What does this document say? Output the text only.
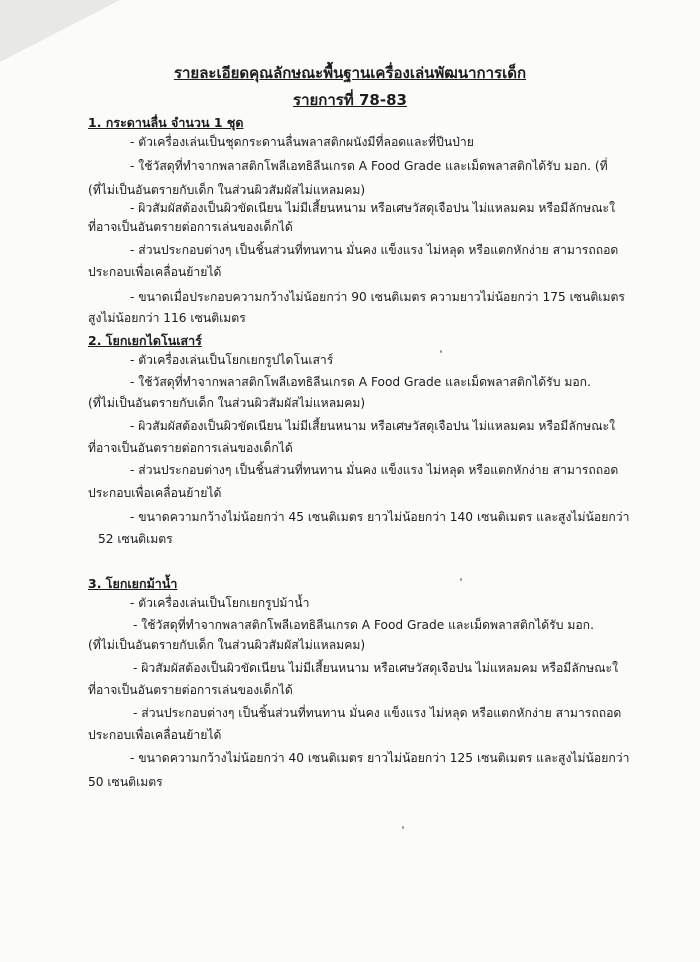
รายละเอียดคุณลักษณะพื้นฐานเครื่องเล่นพัฒนาการเด็ก
รายการที่ 78-83
1. กระดานลื่น จำนวน 1 ชุด
- ตัวเครื่องเล่นเป็นชุดกระดานลื่นพลาสติกผนังมีที่ลอดและที่ปีนป่าย
- ใช้วัสดุที่ทำจากพลาสติกโพลีเอทธิลีนเกรด A Food Grade และเม็ดพลาสติกได้รับ มอก. (ที่
(ที่ไม่เป็นอันตรายกับเด็ก ในส่วนผิวสัมผัสไม่แหลมคม)
- ผิวสัมผัสต้องเป็นผิวขัดเนียน ไม่มีเสี้ยนหนาม หรือเศษวัสดุเจือปน ไม่แหลมคม หรือมีลักษณะใ
ที่อาจเป็นอันตรายต่อการเล่นของเด็กได้
- ส่วนประกอบต่างๆ เป็นชิ้นส่วนที่ทนทาน มั่นคง แข็งแรง ไม่หลุด หรือแตกหักง่าย สามารถถอด
ประกอบเพื่อเคลื่อนย้ายได้
- ขนาดเมื่อประกอบความกว้างไม่น้อยกว่า 90 เซนติเมตร ความยาวไม่น้อยกว่า 175 เซนติเมตร
สูงไม่น้อยกว่า 116 เซนติเมตร
2. โยกเยกไดโนเสาร์
- ตัวเครื่องเล่นเป็นโยกเยกรูปไดโนเสาร์
- ใช้วัสดุที่ทำจากพลาสติกโพลีเอทธิลีนเกรด A Food Grade และเม็ดพลาสติกได้รับ มอก.
(ที่ไม่เป็นอันตรายกับเด็ก ในส่วนผิวสัมผัสไม่แหลมคม)
- ผิวสัมผัสต้องเป็นผิวขัดเนียน ไม่มีเสี้ยนหนาม หรือเศษวัสดุเจือปน ไม่แหลมคม หรือมีลักษณะใ
ที่อาจเป็นอันตรายต่อการเล่นของเด็กได้
- ส่วนประกอบต่างๆ เป็นชิ้นส่วนที่ทนทาน มั่นคง แข็งแรง ไม่หลุด หรือแตกหักง่าย สามารถถอด
ประกอบเพื่อเคลื่อนย้ายได้
- ขนาดความกว้างไม่น้อยกว่า 45 เซนติเมตร ยาวไม่น้อยกว่า 140 เซนติเมตร และสูงไม่น้อยกว่า
52 เซนติเมตร
3. โยกเยกม้าน้ำ
- ตัวเครื่องเล่นเป็นโยกเยกรูปม้าน้ำ
- ใช้วัสดุที่ทำจากพลาสติกโพลีเอทธิลีนเกรด A Food Grade และเม็ดพลาสติกได้รับ มอก.
(ที่ไม่เป็นอันตรายกับเด็ก ในส่วนผิวสัมผัสไม่แหลมคม)
- ผิวสัมผัสต้องเป็นผิวขัดเนียน ไม่มีเสี้ยนหนาม หรือเศษวัสดุเจือปน ไม่แหลมคม หรือมีลักษณะใ
ที่อาจเป็นอันตรายต่อการเล่นของเด็กได้
- ส่วนประกอบต่างๆ เป็นชิ้นส่วนที่ทนทาน มั่นคง แข็งแรง ไม่หลุด หรือแตกหักง่าย สามารถถอด
ประกอบเพื่อเคลื่อนย้ายได้
- ขนาดความกว้างไม่น้อยกว่า 40 เซนติเมตร ยาวไม่น้อยกว่า 125 เซนติเมตร และสูงไม่น้อยกว่า
50 เซนติเมตร
